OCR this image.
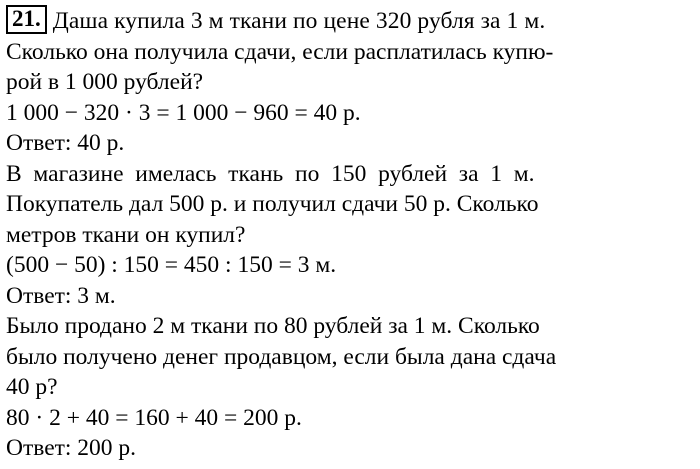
21. Даша купила 3 м ткани по цене 320 рубля за 1 м.
Сколько она получила сдачи, если расплатилась купю-
рой в 1 000 рублей?
1 000 − 320 · 3 = 1 000 − 960 = 40 р.
Ответ: 40 р.
В  магазине  имелась  ткань  по  150  рублей  за  1  м.
Покупатель дал 500 р. и получил сдачи 50 р. Сколько
метров ткани он купил?
(500 − 50) : 150 = 450 : 150 = 3 м.
Ответ: 3 м.
Было продано 2 м ткани по 80 рублей за 1 м. Сколько
было получено денег продавцом, если была дана сдача
40 р?
80 · 2 + 40 = 160 + 40 = 200 р.
Ответ: 200 р.
